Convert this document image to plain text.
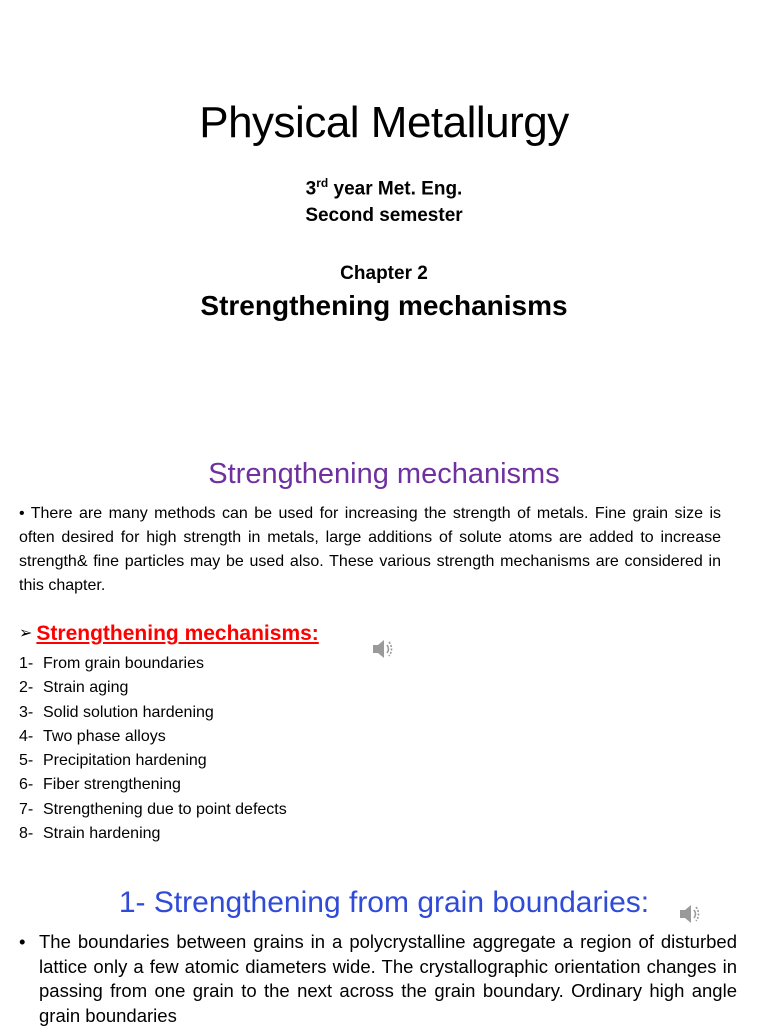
Physical Metallurgy
3rd year Met. Eng.
Second semester
Chapter 2
Strengthening mechanisms
Strengthening mechanisms

• There are many methods can be used for increasing the strength of metals. Fine grain size is often desired for high strength in metals, large additions of solute atoms are added to increase strength& fine particles may be used also. These various strength mechanisms are considered in this chapter.

➢ Strengthening mechanisms:
1- From grain boundaries
2- Strain aging
3- Solid solution hardening
4- Two phase alloys
5- Precipitation hardening
6- Fiber strengthening
7- Strengthening due to point defects
8- Strain hardening
1- Strengthening from grain boundaries:
• The boundaries between grains in a polycrystalline aggregate a region of disturbed lattice only a few atomic diameters wide. The crystallographic orientation changes in passing from one grain to the next across the grain boundary. Ordinary high angle grain boundaries
